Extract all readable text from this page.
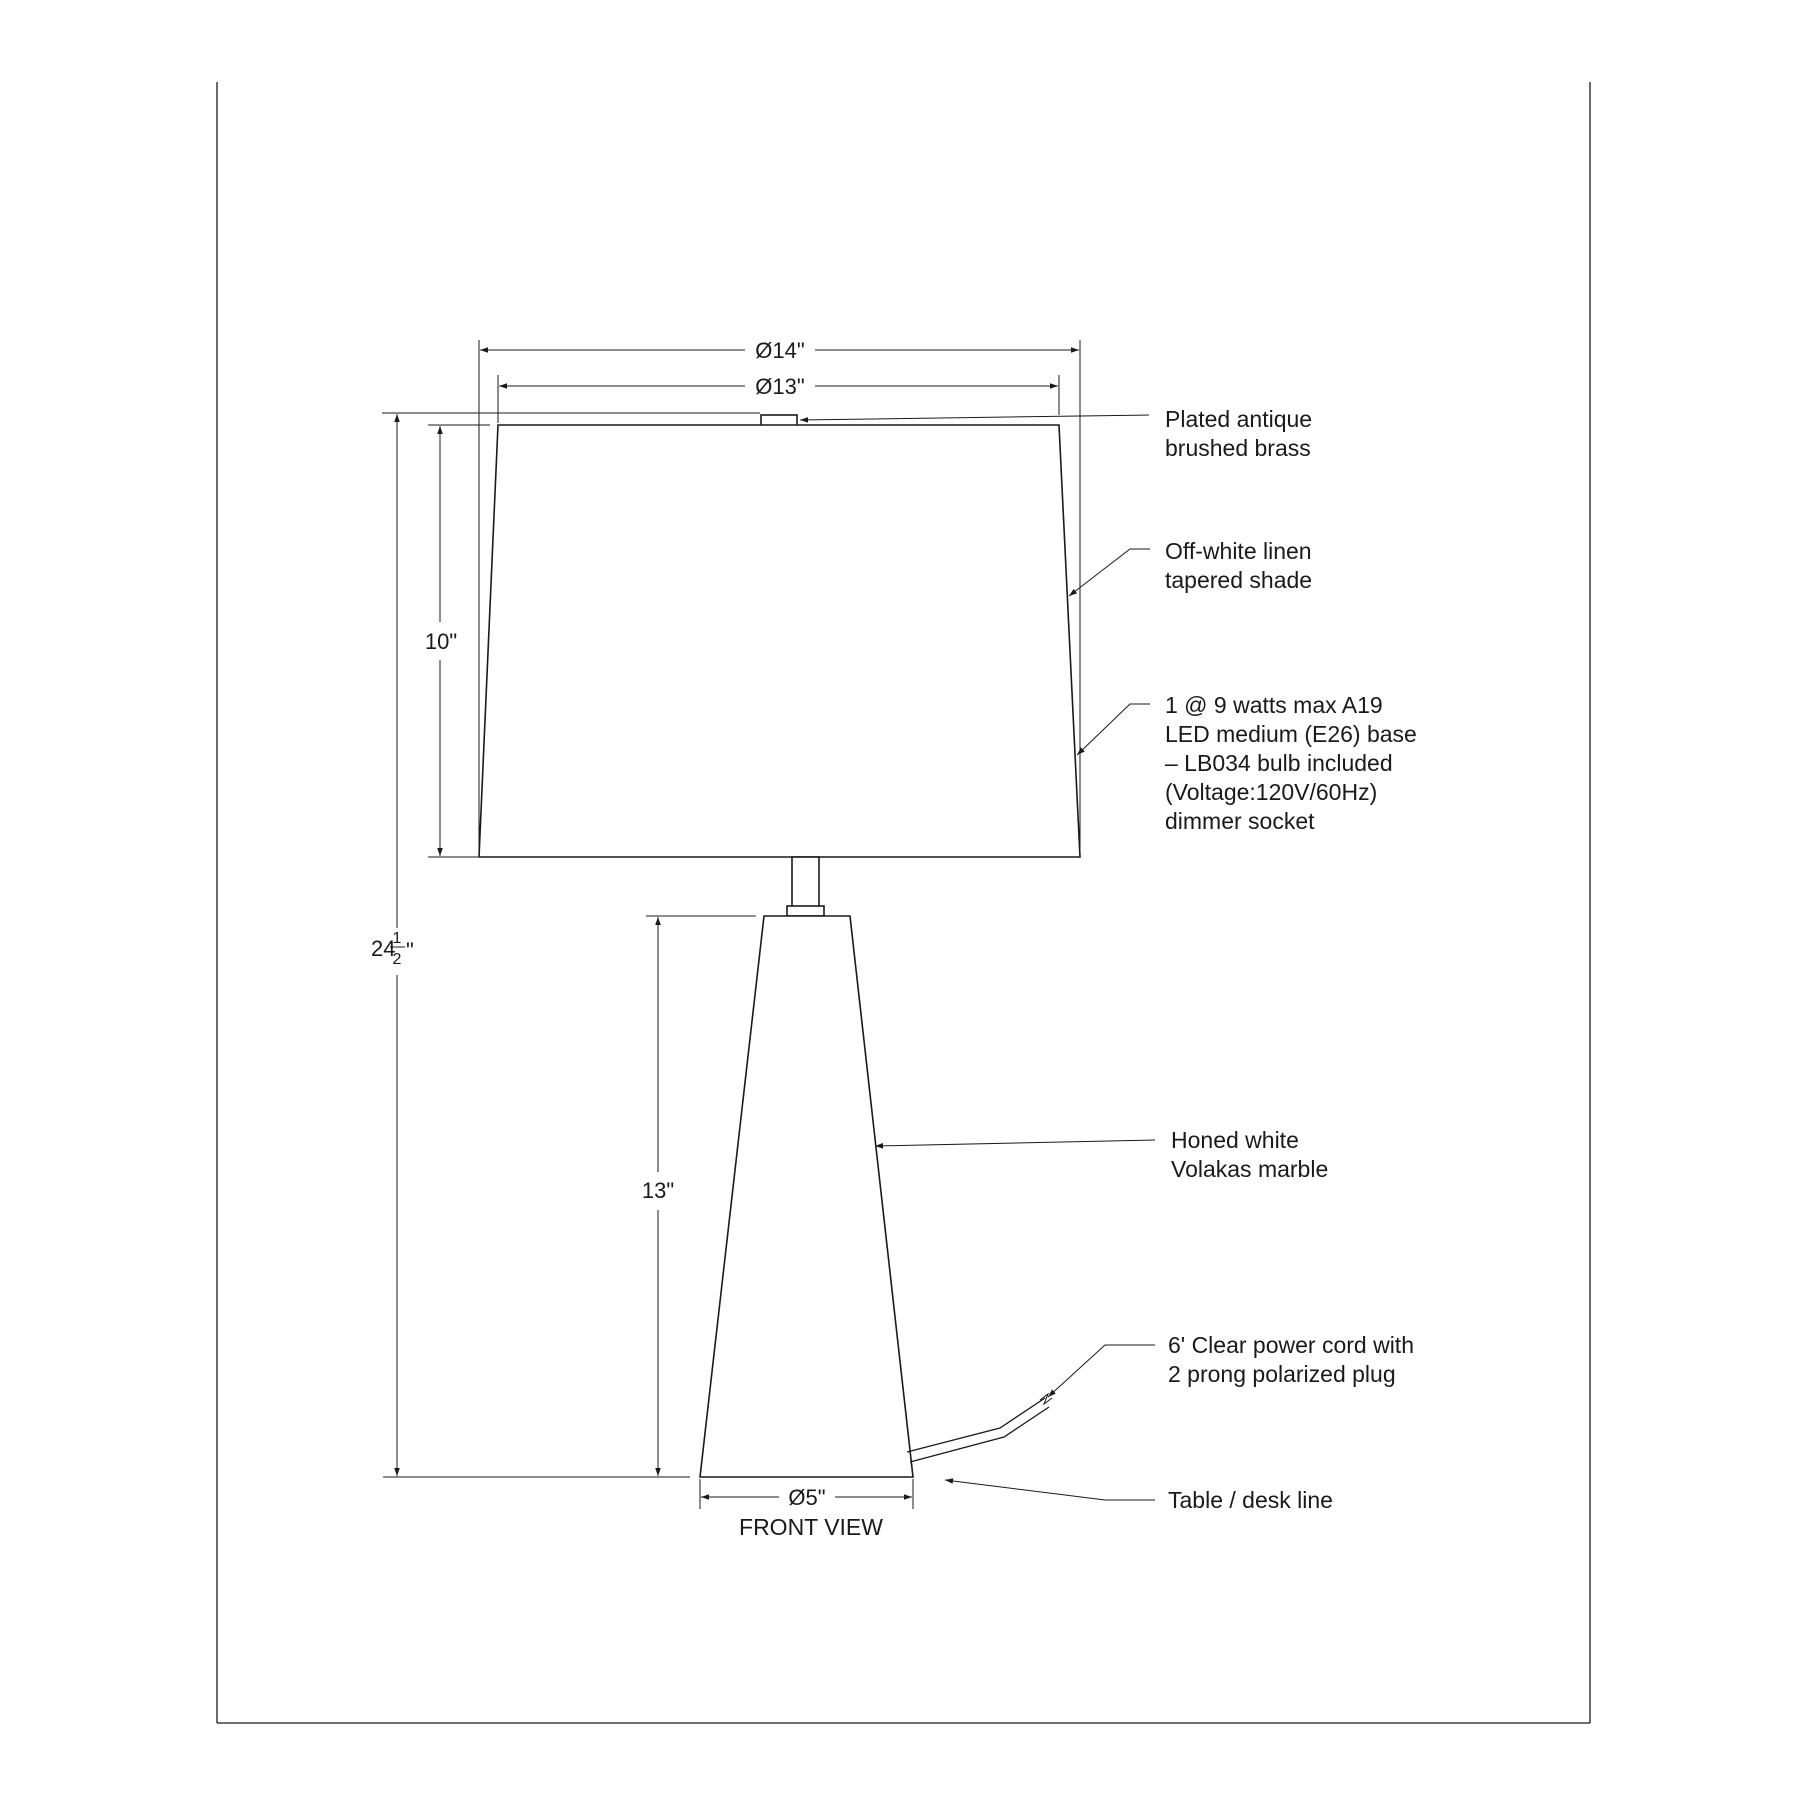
Ø14"
Ø13"
24
1
2 "
10"
13"
Ø5"
FRONT VIEW
Plated antique brushed brass
Off-white linen tapered shade
1 @ 9 watts max A19 LED medium (E26) base – LB034 bulb included (Voltage:120V/60Hz) dimmer socket
Honed white Volakas marble
6' Clear power cord with 2 prong polarized plug
Table / desk line
